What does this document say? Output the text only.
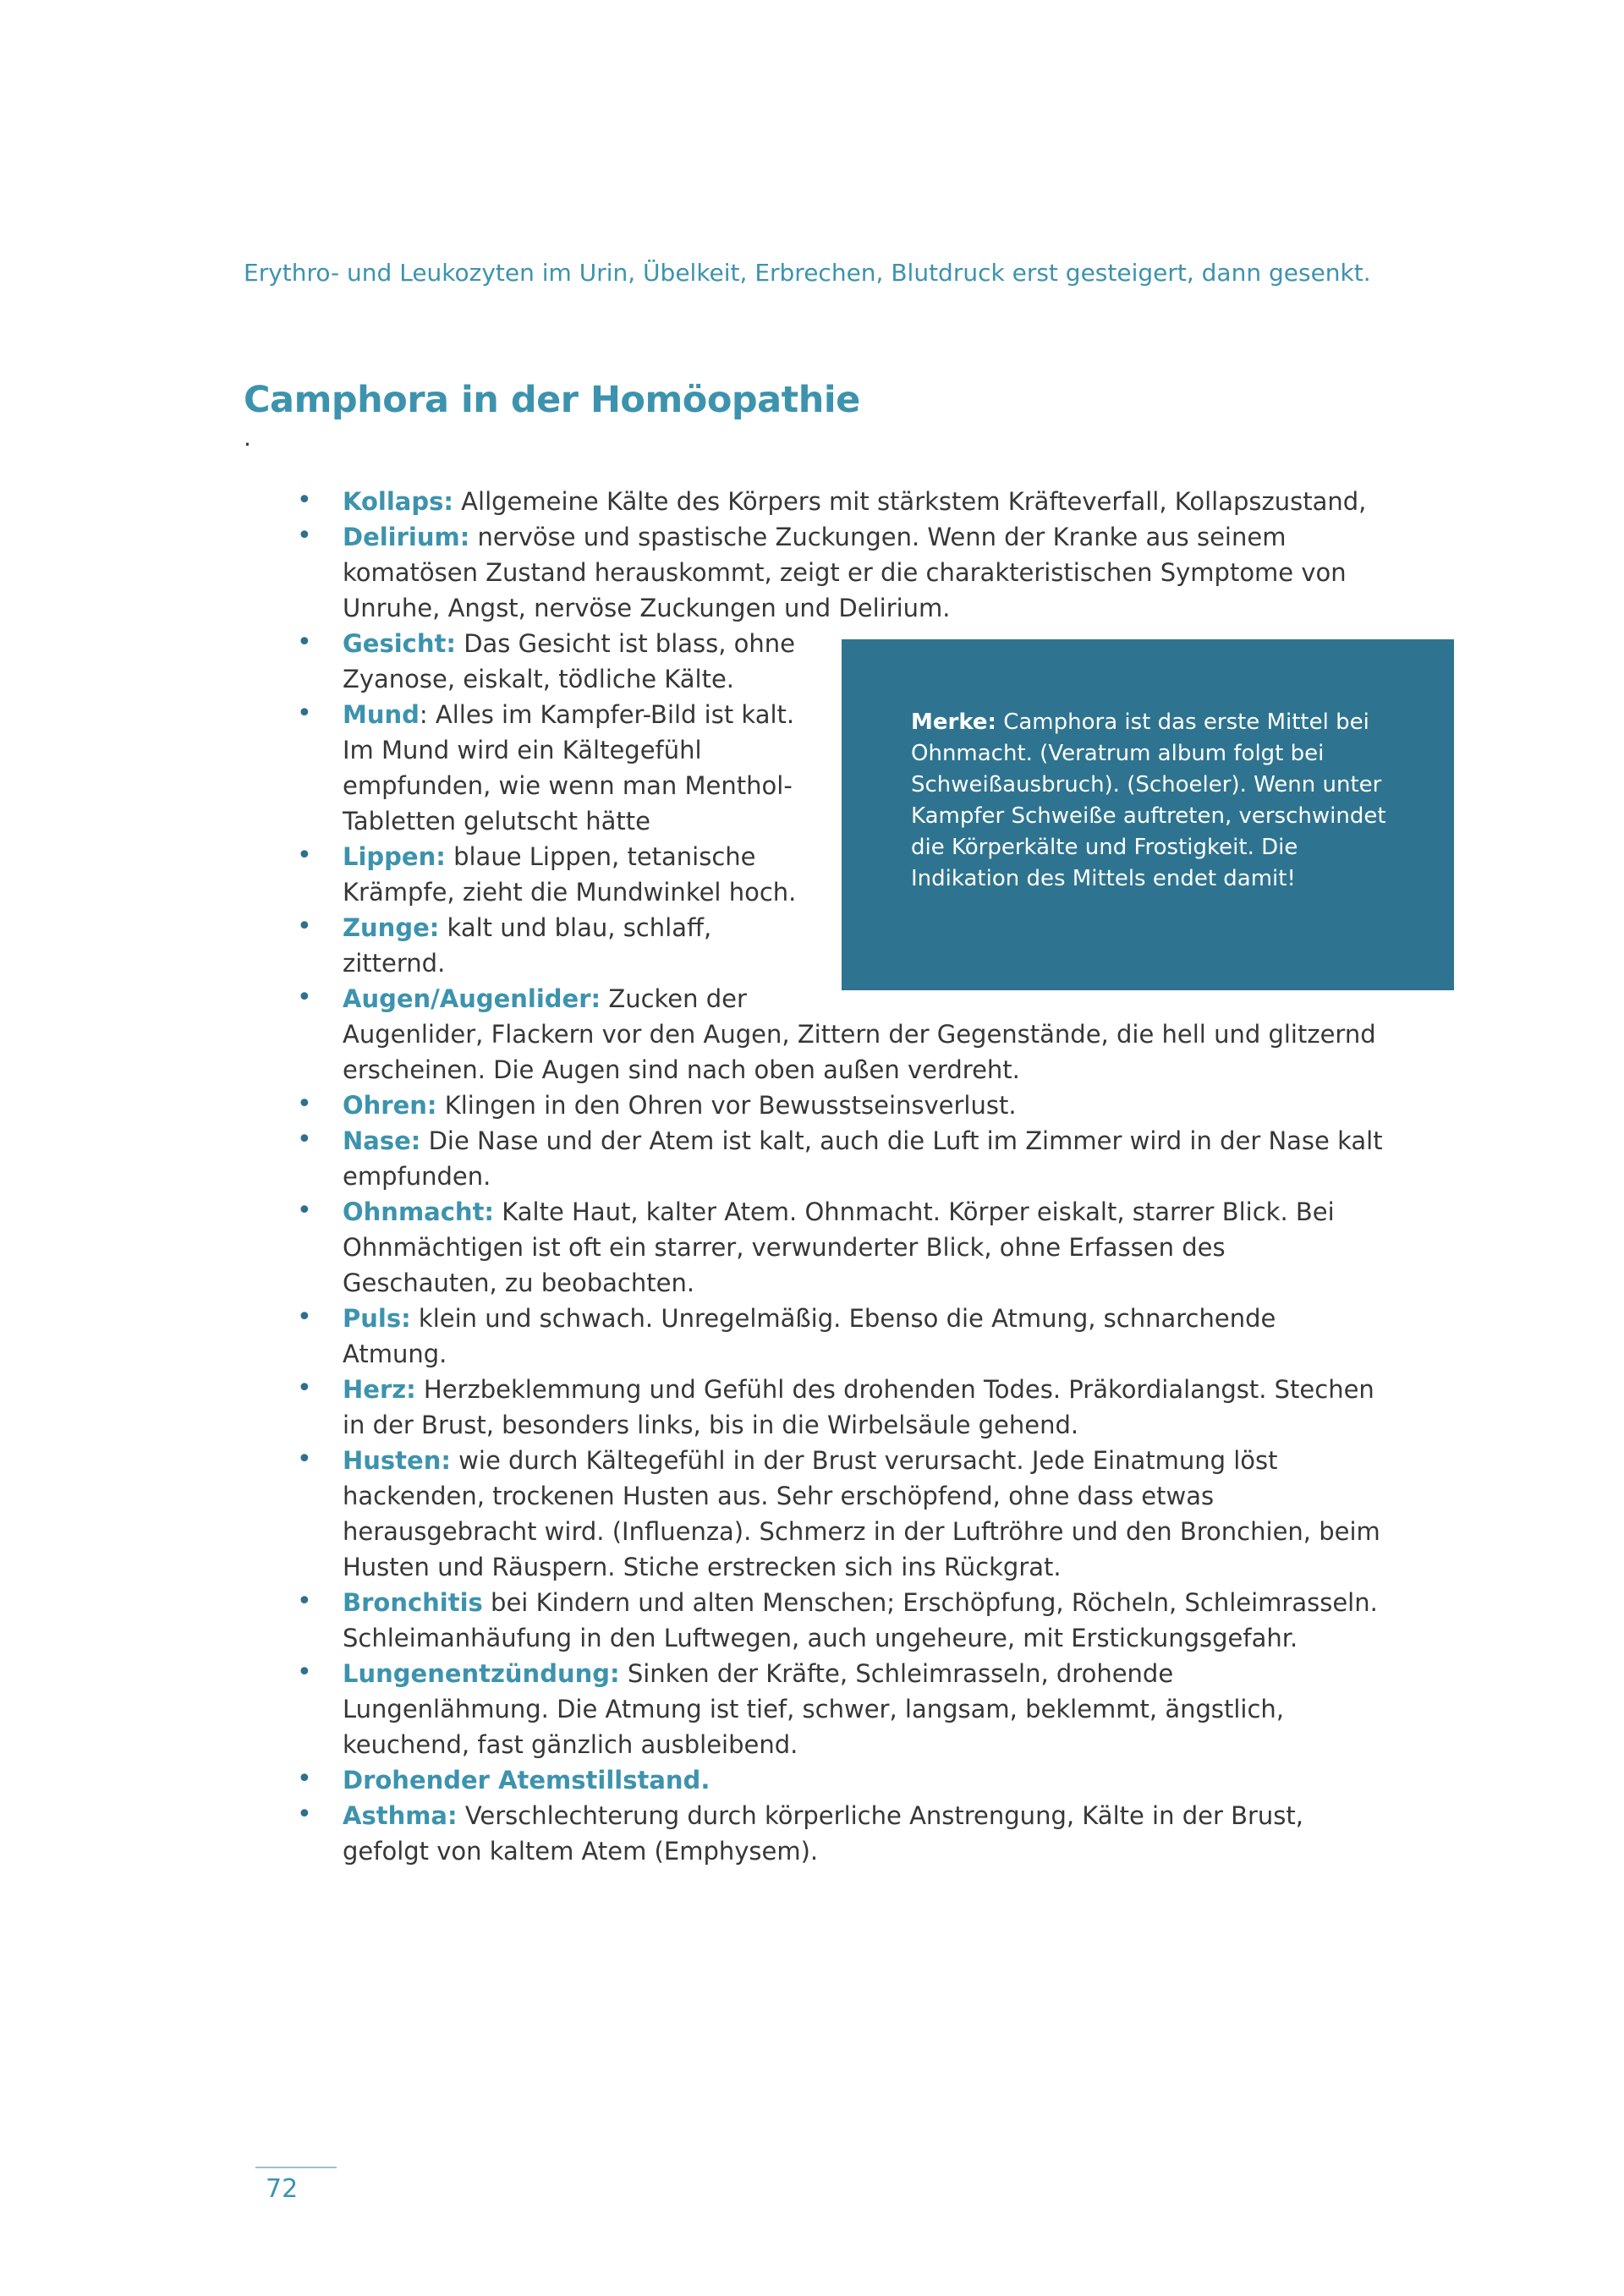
Erythro- und Leukozyten im Urin, Übelkeit, Erbrechen, Blutdruck erst gesteigert, dann gesenkt.

Camphora in der Homöopathie
.
• Kollaps: Allgemeine Kälte des Körpers mit stärkstem Kräfteverfall, Kollapszustand,
• Delirium: nervöse und spastische Zuckungen. Wenn der Kranke aus seinem komatösen Zustand herauskommt, zeigt er die charakteristischen Symptome von Unruhe, Angst, nervöse Zuckungen und Delirium.
Merke: Camphora ist das erste Mittel bei Ohnmacht. (Veratrum album folgt bei Schweißausbruch). (Schoeler). Wenn unter Kampfer Schweiße auftreten, verschwindet die Körperkälte und Frostigkeit. Die Indikation des Mittels endet damit!
• Gesicht: Das Gesicht ist blass, ohne Zyanose, eiskalt, tödliche Kälte.
• Mund: Alles im Kampfer-Bild ist kalt. Im Mund wird ein Kältegefühl empfunden, wie wenn man Menthol-Tabletten gelutscht hätte
• Lippen: blaue Lippen, tetanische Krämpfe, zieht die Mundwinkel hoch.
• Zunge: kalt und blau, schlaff, zitternd.
• Augen/Augenlider: Zucken der Augenlider, Flackern vor den Augen, Zittern der Gegenstände, die hell und glitzernd erscheinen. Die Augen sind nach oben außen verdreht.
• Ohren: Klingen in den Ohren vor Bewusstseinsverlust.
• Nase: Die Nase und der Atem ist kalt, auch die Luft im Zimmer wird in der Nase kalt empfunden.
• Ohnmacht: Kalte Haut, kalter Atem. Ohnmacht. Körper eiskalt, starrer Blick. Bei Ohnmächtigen ist oft ein starrer, verwunderter Blick, ohne Erfassen des Geschauten, zu beobachten.
• Puls: klein und schwach. Unregelmäßig. Ebenso die Atmung, schnarchende Atmung.
• Herz: Herzbeklemmung und Gefühl des drohenden Todes. Präkordialangst. Stechen in der Brust, besonders links, bis in die Wirbelsäule gehend.
• Husten: wie durch Kältegefühl in der Brust verursacht. Jede Einatmung löst hackenden, trockenen Husten aus. Sehr erschöpfend, ohne dass etwas herausgebracht wird. (Influenza). Schmerz in der Luftröhre und den Bronchien, beim Husten und Räuspern. Stiche erstrecken sich ins Rückgrat.
• Bronchitis bei Kindern und alten Menschen; Erschöpfung, Röcheln, Schleimrasseln. Schleimanhäufung in den Luftwegen, auch ungeheure, mit Erstickungsgefahr.
• Lungenentzündung: Sinken der Kräfte, Schleimrasseln, drohende Lungenlähmung. Die Atmung ist tief, schwer, langsam, beklemmt, ängstlich, keuchend, fast gänzlich ausbleibend.
• Drohender Atemstillstand.
• Asthma: Verschlechterung durch körperliche Anstrengung, Kälte in der Brust, gefolgt von kaltem Atem (Emphysem).
72
